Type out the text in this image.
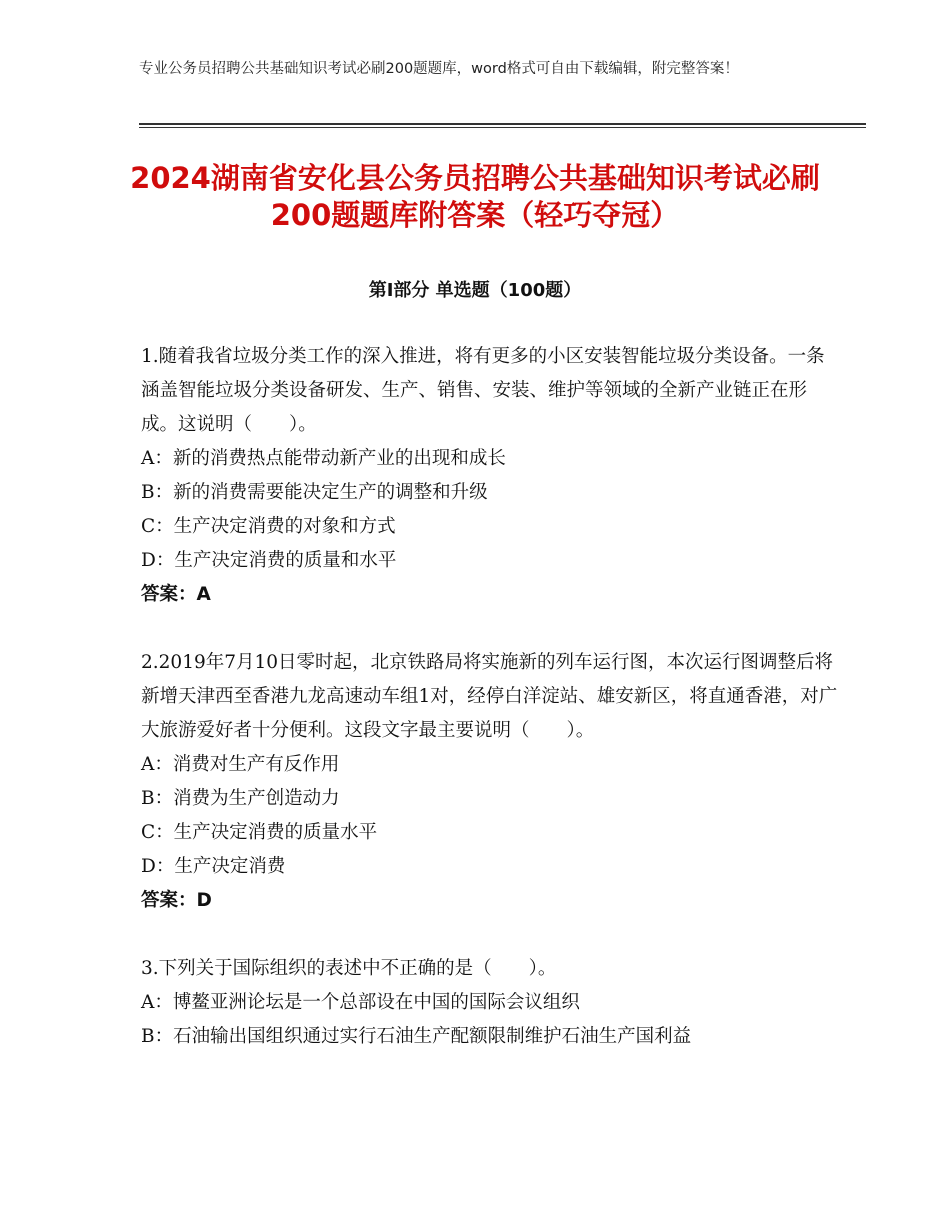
专业公务员招聘公共基础知识考试必刷200题题库，word格式可自由下载编辑，附完整答案！
2024湖南省安化县公务员招聘公共基础知识考试必刷200题题库附答案（轻巧夺冠）
第Ⅰ部分 单选题（100题）

1.随着我省垃圾分类工作的深入推进，将有更多的小区安装智能垃圾分类设备。一条涵盖智能垃圾分类设备研发、生产、销售、安装、维护等领域的全新产业链正在形成。这说明（　　）。

A：新的消费热点能带动新产业的出现和成长

B：新的消费需要能决定生产的调整和升级

C：生产决定消费的对象和方式

D：生产决定消费的质量和水平

答案：A

2.2019年7月10日零时起，北京铁路局将实施新的列车运行图，本次运行图调整后将新增天津西至香港九龙高速动车组1对，经停白洋淀站、雄安新区，将直通香港，对广大旅游爱好者十分便利。这段文字最主要说明（　　）。

A：消费对生产有反作用

B：消费为生产创造动力

C：生产决定消费的质量水平

D：生产决定消费

答案：D

3.下列关于国际组织的表述中不正确的是（　　）。

A：博鳌亚洲论坛是一个总部设在中国的国际会议组织

B：石油输出国组织通过实行石油生产配额限制维护石油生产国利益
